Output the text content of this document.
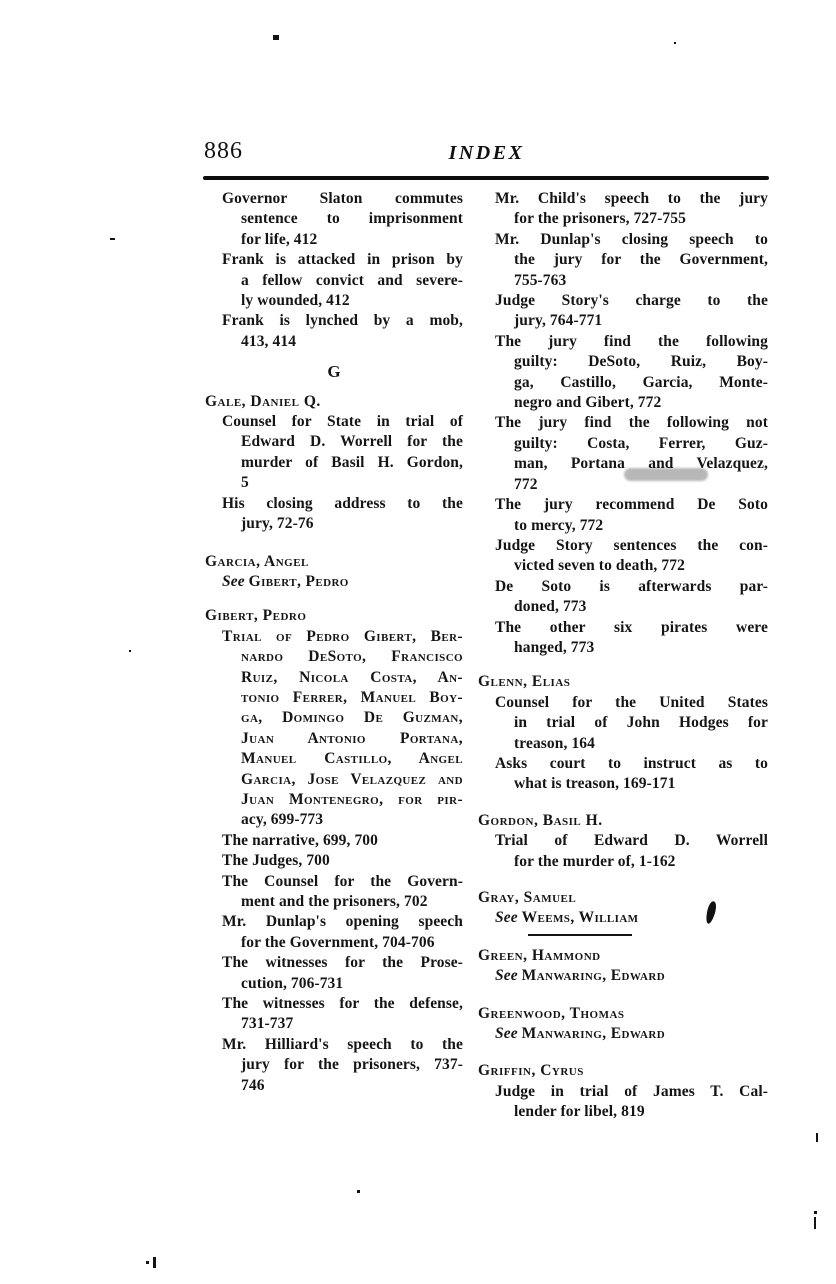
886	INDEX
Governor Slaton commutes
sentence to imprisonment
for life, 412
Frank is attacked in prison by
a fellow convict and severe-
ly wounded, 412
Frank is lynched by a mob,
413, 414
G
Gale, Daniel Q.
Counsel for State in trial of
Edward D. Worrell for the
murder of Basil H. Gordon,
5
His closing address to the
jury, 72-76
Garcia, Angel
See Gibert, Pedro
Gibert, Pedro
Trial of Pedro Gibert, Ber-
nardo DeSoto, Francisco
Ruiz, Nicola Costa, An-
tonio Ferrer, Manuel Boy-
ga, Domingo De Guzman,
Juan Antonio Portana,
Manuel Castillo, Angel
Garcia, Jose Velazquez and
Juan Montenegro, for pir-
acy, 699-773
The narrative, 699, 700
The Judges, 700
The Counsel for the Govern-
ment and the prisoners, 702
Mr. Dunlap's opening speech
for the Government, 704-706
The witnesses for the Prose-
cution, 706-731
The witnesses for the defense,
731-737
Mr. Hilliard's speech to the
jury for the prisoners, 737-
746
Mr. Child's speech to the jury
for the prisoners, 727-755
Mr. Dunlap's closing speech to
the jury for the Government,
755-763
Judge Story's charge to the
jury, 764-771
The jury find the following
guilty: DeSoto, Ruiz, Boy-
ga, Castillo, Garcia, Monte-
negro and Gibert, 772
The jury find the following not
guilty: Costa, Ferrer, Guz-
man, Portana and Velazquez,
772
The jury recommend De Soto
to mercy, 772
Judge Story sentences the con-
victed seven to death, 772
De Soto is afterwards par-
doned, 773
The other six pirates were
hanged, 773
Glenn, Elias
Counsel for the United States
in trial of John Hodges for
treason, 164
Asks court to instruct as to
what is treason, 169-171
Gordon, Basil H.
Trial of Edward D. Worrell
for the murder of, 1-162
Gray, Samuel
See Weems, William
Green, Hammond
See Manwaring, Edward
Greenwood, Thomas
See Manwaring, Edward
Griffin, Cyrus
Judge in trial of James T. Cal-
lender for libel, 819
